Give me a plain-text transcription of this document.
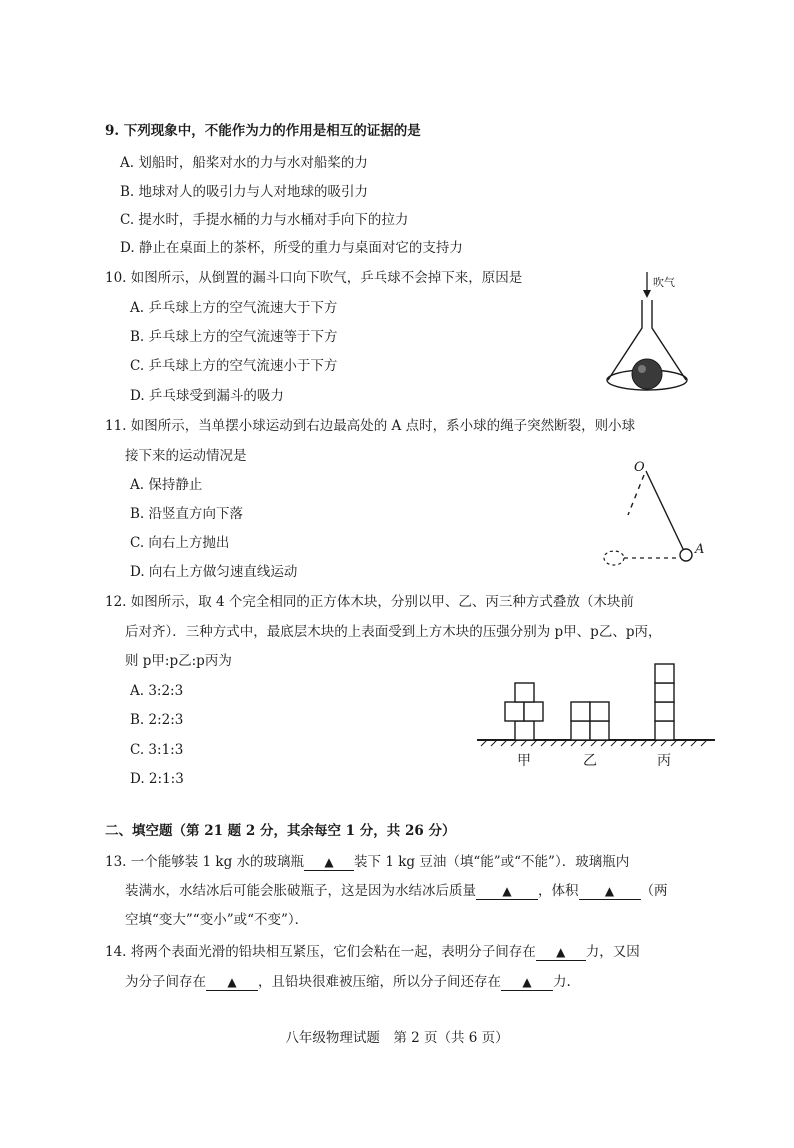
9. 下列现象中，不能作为力的作用是相互的证据的是
A. 划船时，船桨对水的力与水对船桨的力
B. 地球对人的吸引力与人对地球的吸引力
C. 提水时，手提水桶的力与水桶对手向下的拉力
D. 静止在桌面上的茶杯，所受的重力与桌面对它的支持力
10. 如图所示，从倒置的漏斗口向下吹气，乒乓球不会掉下来，原因是
A. 乒乓球上方的空气流速大于下方
B. 乒乓球上方的空气流速等于下方
C. 乒乓球上方的空气流速小于下方
D. 乒乓球受到漏斗的吸力
吹气
11. 如图所示，当单摆小球运动到右边最高处的 A 点时，系小球的绳子突然断裂，则小球
接下来的运动情况是
A. 保持静止
B. 沿竖直方向下落
C. 向右上方抛出
D. 向右上方做匀速直线运动
O
A
12. 如图所示，取 4 个完全相同的正方体木块，分别以甲、乙、丙三种方式叠放（木块前
后对齐）．三种方式中，最底层木块的上表面受到上方木块的压强分别为 p甲、p乙、p丙，
则 p甲:p乙:p丙为
A. 3:2:3
B. 2:2:3
C. 3:1:3
D. 2:1:3
甲	乙	丙
二、填空题（第 21 题 2 分，其余每空 1 分，共 26 分）
13. 一个能够装 1 kg 水的玻璃瓶 ▲ 装下 1 kg 豆油（填“能”或“不能”）．玻璃瓶内
装满水，水结冰后可能会胀破瓶子，这是因为水结冰后质量 ▲ ，体积 ▲ （两
空填“变大”“变小”或“不变”）．
14. 将两个表面光滑的铅块相互紧压，它们会粘在一起，表明分子间存在 ▲ 力，又因
为分子间存在 ▲ ，且铅块很难被压缩，所以分子间还存在 ▲ 力.
八年级物理试题　第 2 页（共 6 页）
